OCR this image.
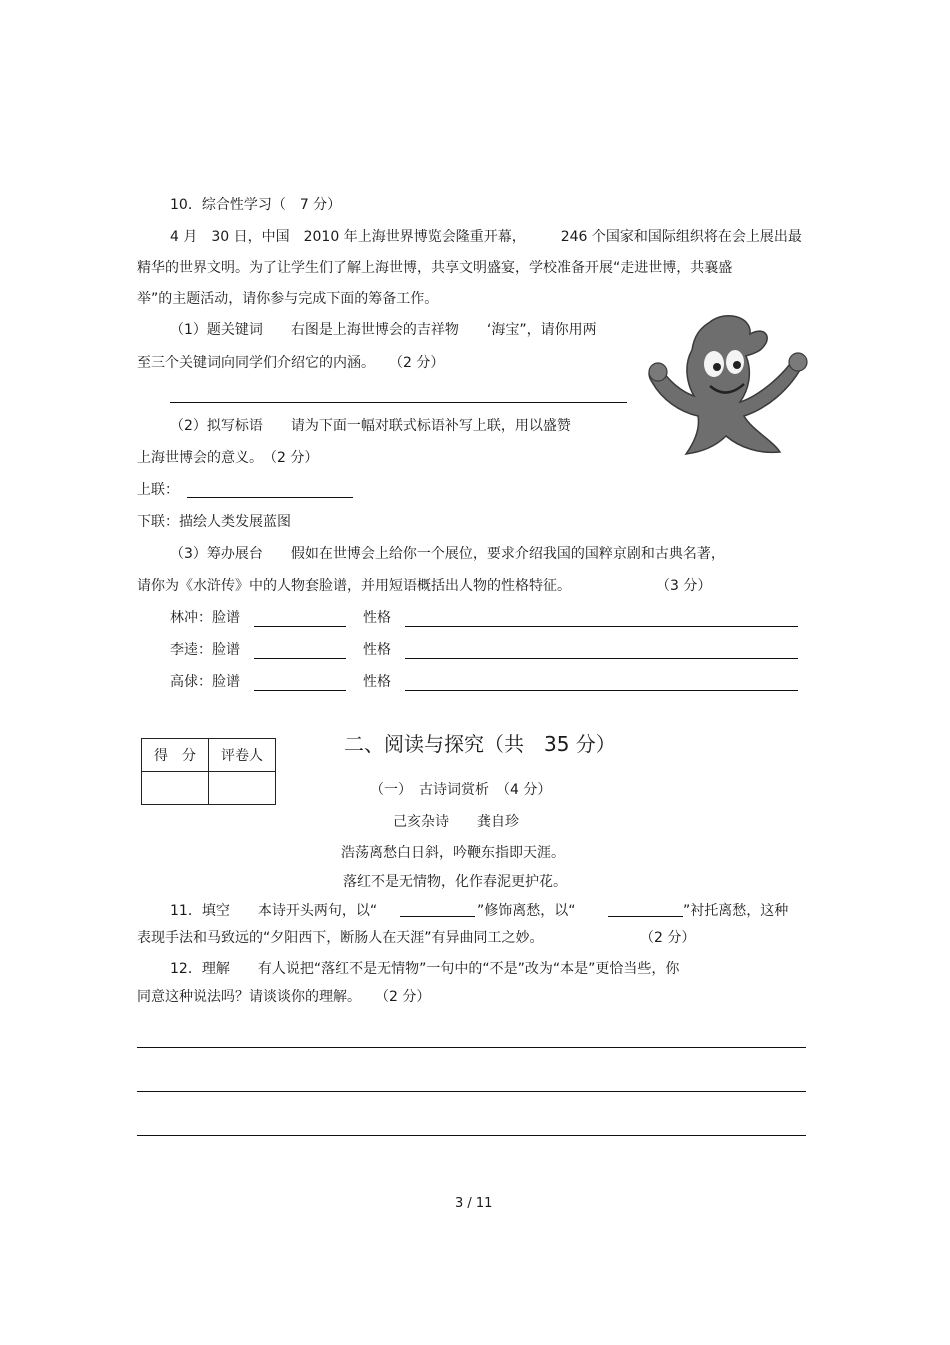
10．综合性学习（　7 分）
4 月　30 日，中国　2010 年上海世界博览会隆重开幕，　　　246 个国家和国际组织将在会上展出最
精华的世界文明。为了让学生们了解上海世博，共享文明盛宴，学校准备开展“走进世博，共襄盛
举”的主题活动，请你参与完成下面的筹备工作。
（1）题关键词　　右图是上海世博会的吉祥物　　‘海宝”，请你用两
至三个关键词向同学们介绍它的内涵。　　（2 分）
（2）拟写标语　　请为下面一幅对联式标语补写上联，用以盛赞
上海世博会的意义。　（2 分）
上联：
下联：描绘人类发展蓝图
（3）筹办展台　　假如在世博会上给你一个展位，要求介绍我国的国粹京剧和古典名著，
请你为《水浒传》中的人物套脸谱，并用短语概括出人物的性格特征。	（3 分）
林冲：脸谱	性格
李逵：脸谱	性格
高俅：脸谱	性格
得　分	评卷人
		二、阅读与探究（共　35 分）
（一）　古诗词赏析　（4 分）
己亥杂诗　　龚自珍
浩荡离愁白日斜，吟鞭东指即天涯。
落红不是无情物，化作春泥更护花。
11．填空　　本诗开头两句，以“	”修饰离愁，以“	”衬托离愁，这种
表现手法和马致远的“夕阳西下，断肠人在天涯”有异曲同工之妙。	（2 分）
12．理解　　有人说把“落红不是无情物”一句中的“不是”改为“本是”更恰当些，你
同意这种说法吗？请谈谈你的理解。　　（2 分）
3 / 11
